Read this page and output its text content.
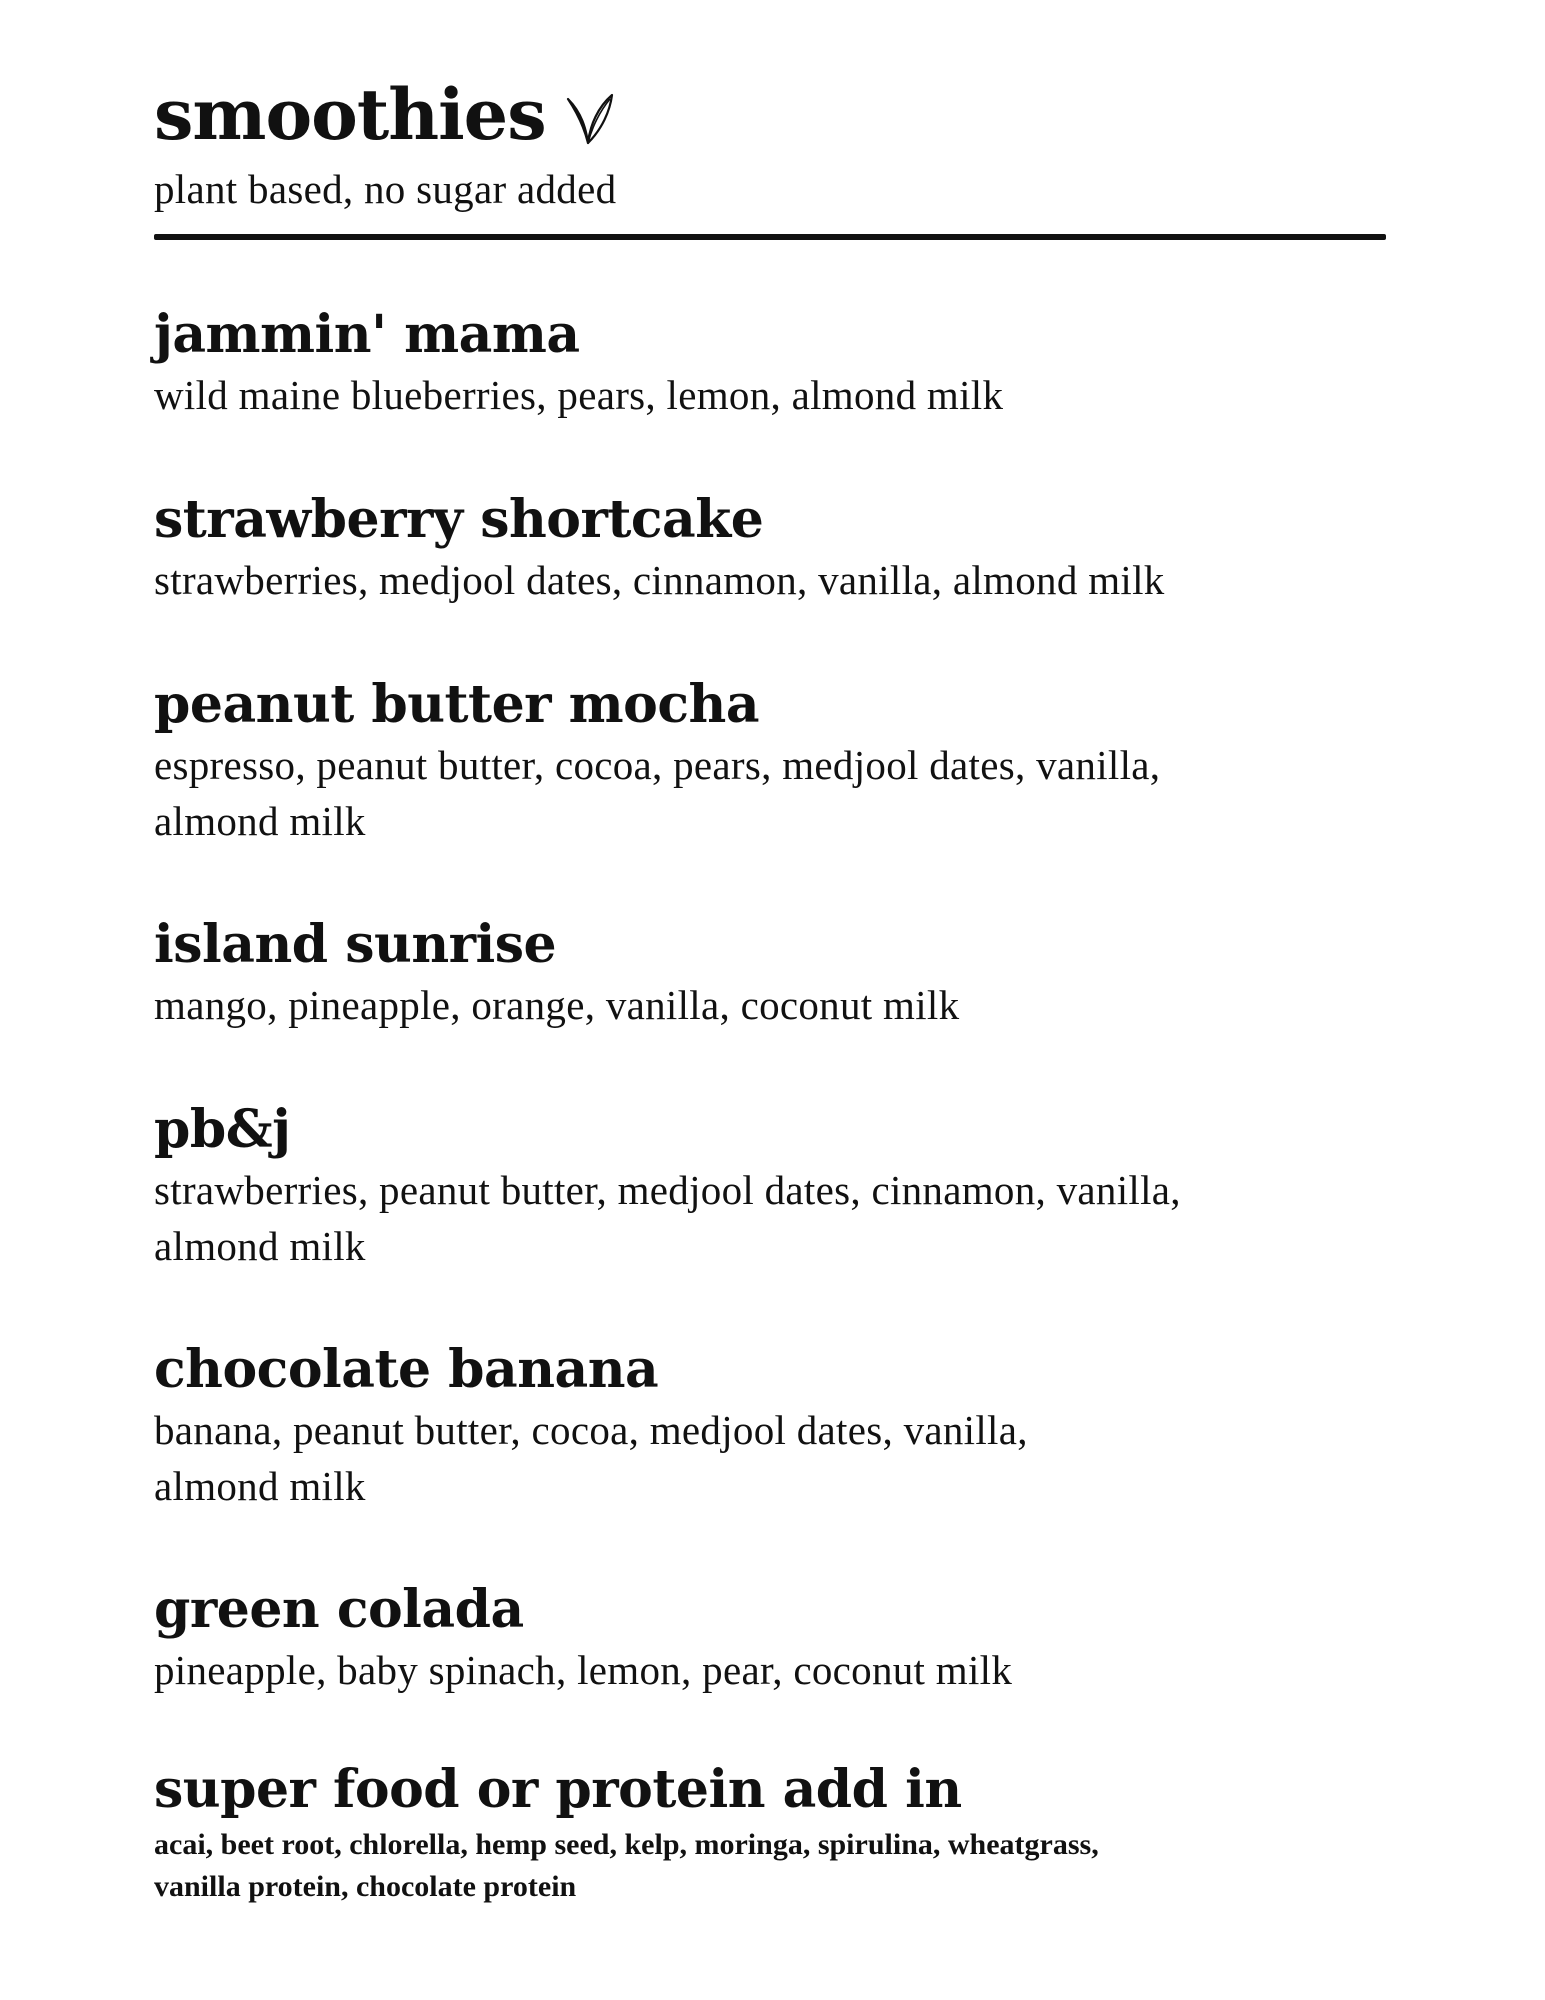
smoothies
plant based, no sugar added
jammin' mama
wild maine blueberries, pears, lemon, almond milk
strawberry shortcake
strawberries, medjool dates, cinnamon, vanilla, almond milk
peanut butter mocha
espresso, peanut butter, cocoa, pears, medjool dates, vanilla,
almond milk
island sunrise
mango, pineapple, orange, vanilla, coconut milk
pb&j
strawberries, peanut butter, medjool dates, cinnamon, vanilla,
almond milk
chocolate banana
banana, peanut butter, cocoa, medjool dates, vanilla,
almond milk
green colada
pineapple, baby spinach, lemon, pear, coconut milk
super food or protein add in
acai, beet root, chlorella, hemp seed, kelp, moringa, spirulina, wheatgrass,
vanilla protein, chocolate protein
